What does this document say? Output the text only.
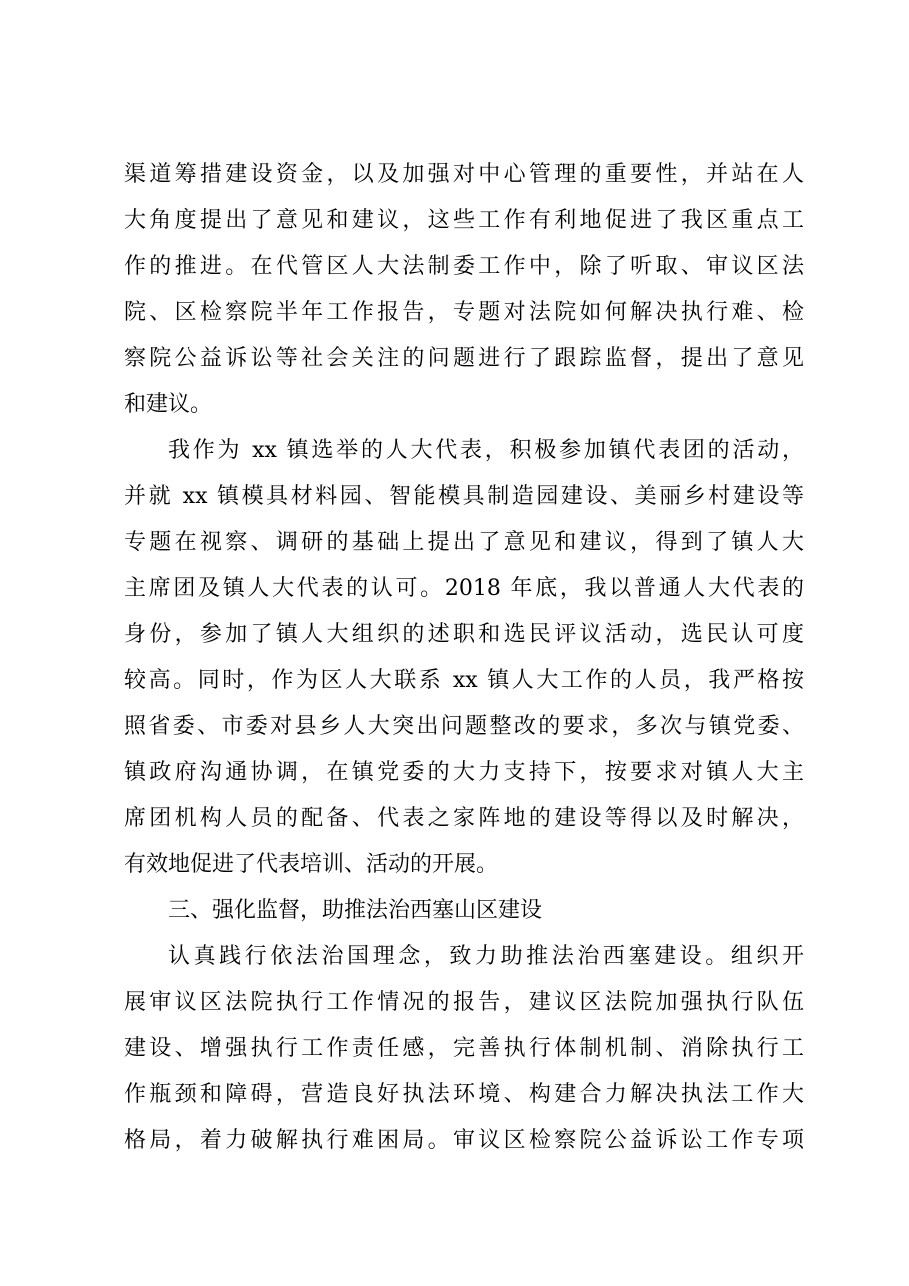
渠道筹措建设资金，以及加强对中心管理的重要性，并站在人
大角度提出了意见和建议，这些工作有利地促进了我区重点工
作的推进。在代管区人大法制委工作中，除了听取、审议区法
院、区检察院半年工作报告，专题对法院如何解决执行难、检
察院公益诉讼等社会关注的问题进行了跟踪监督，提出了意见
和建议。
我作为 xx 镇选举的人大代表，积极参加镇代表团的活动，
并就 xx 镇模具材料园、智能模具制造园建设、美丽乡村建设等
专题在视察、调研的基础上提出了意见和建议，得到了镇人大
主席团及镇人大代表的认可。2018 年底，我以普通人大代表的
身份，参加了镇人大组织的述职和选民评议活动，选民认可度
较高。同时，作为区人大联系 xx 镇人大工作的人员，我严格按
照省委、市委对县乡人大突出问题整改的要求，多次与镇党委、
镇政府沟通协调，在镇党委的大力支持下，按要求对镇人大主
席团机构人员的配备、代表之家阵地的建设等得以及时解决，
有效地促进了代表培训、活动的开展。
三、强化监督，助推法治西塞山区建设
认真践行依法治国理念，致力助推法治西塞建设。组织开
展审议区法院执行工作情况的报告，建议区法院加强执行队伍
建设、增强执行工作责任感，完善执行体制机制、消除执行工
作瓶颈和障碍，营造良好执法环境、构建合力解决执法工作大
格局，着力破解执行难困局。审议区检察院公益诉讼工作专项
